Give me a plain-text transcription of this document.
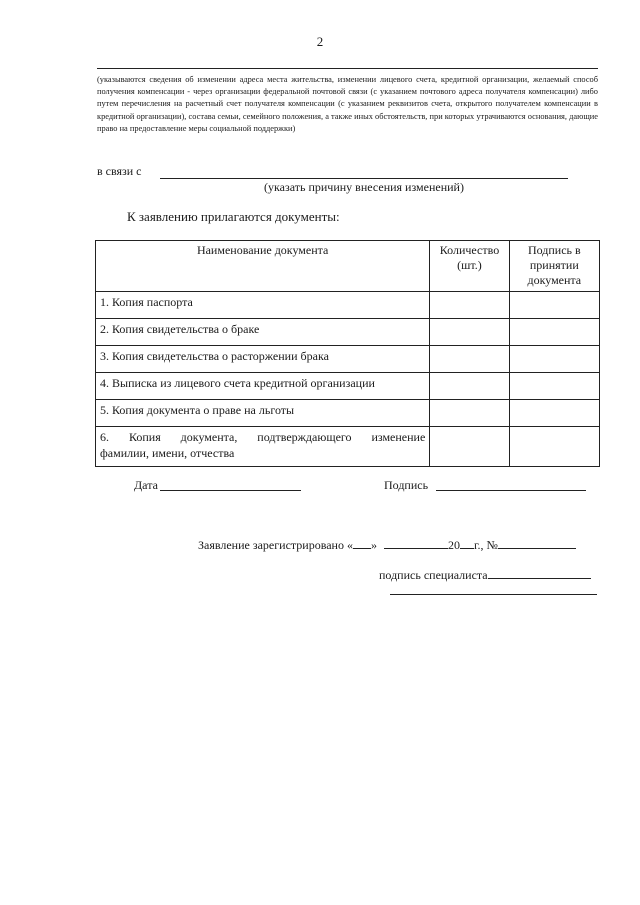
2
(указываются сведения об изменении адреса места жительства, изменении лицевого счета, кредитной организации, желаемый способ получения компенсации - через организации федеральной почтовой связи (с указанием почтового адреса получателя компенсации) либо путем перечисления на расчетный счет получателя компенсации (с указанием реквизитов счета, открытого получателем компенсации в кредитной организации), состава семьи, семейного положения, а также иных обстоятельств, при которых утрачиваются основания, дающие право на предоставление меры социальной поддержки)
в связи с
(указать причину внесения изменений)
К заявлению прилагаются документы:
Наименование документа	Количество (шт.)	Подпись в принятии документа
1. Копия паспорта		
2. Копия свидетельства о браке		
3. Копия свидетельства о расторжении брака		
4. Выписка из лицевого счета кредитной организации		
5. Копия документа о праве на льготы		

6. Копия документа, подтверждающего изменение
фамилии, имени, отчества		

Дата	Подпись
Заявление зарегистрировано « »	20 г., №
подпись специалиста
